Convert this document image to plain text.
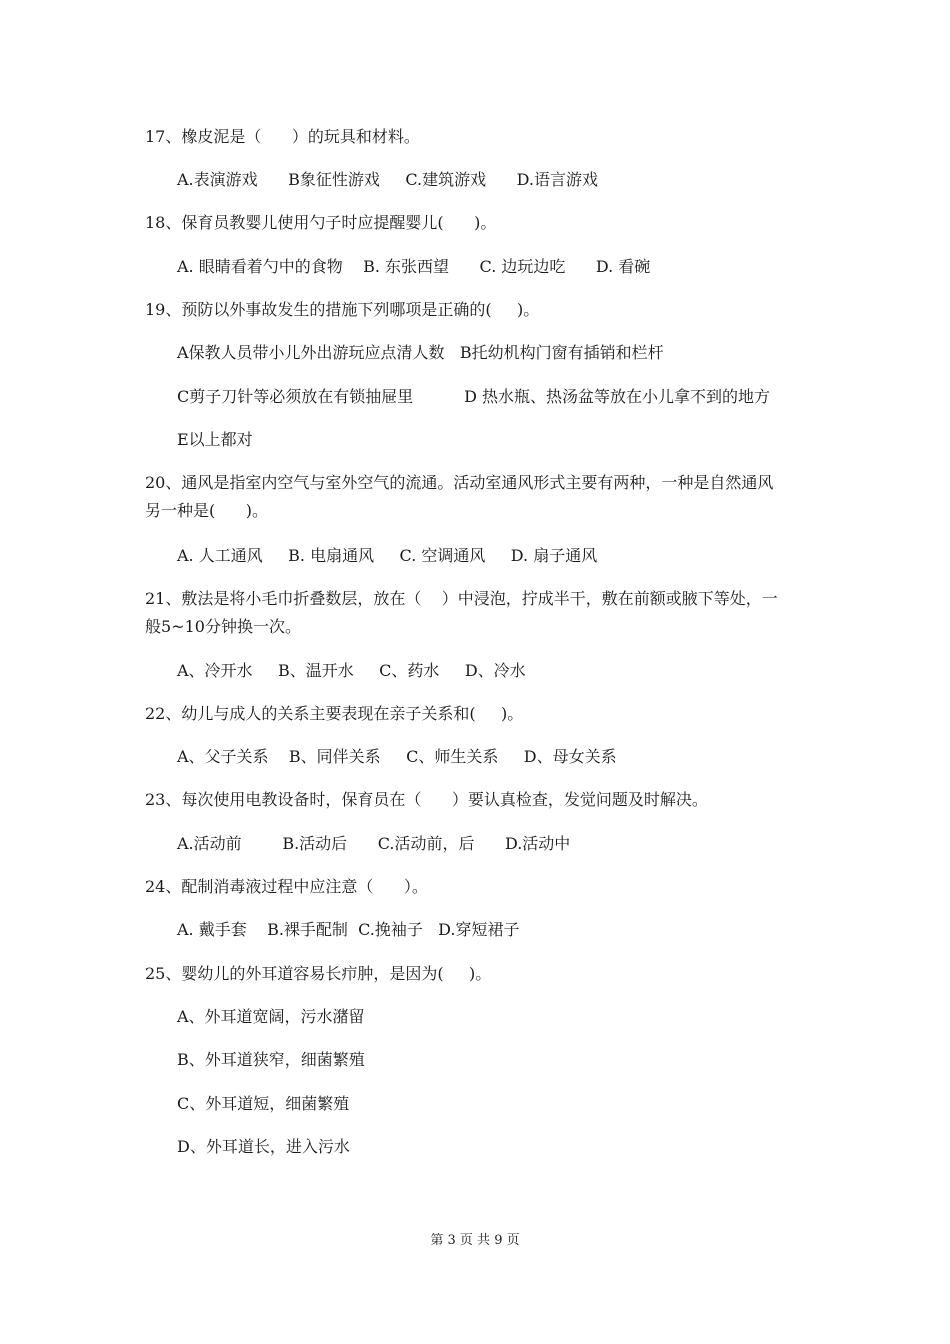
17、橡皮泥是（      ）的玩具和材料。
A.表演游戏      B象征性游戏     C.建筑游戏      D.语言游戏
18、保育员教婴儿使用勺子时应提醒婴儿(      )。
A. 眼睛看着勺中的食物    B. 东张西望      C. 边玩边吃      D. 看碗
19、预防以外事故发生的措施下列哪项是正确的(     )。
A保教人员带小儿外出游玩应点清人数   B托幼机构门窗有插销和栏杆
C剪子刀针等必须放在有锁抽屉里          D 热水瓶、热汤盆等放在小儿拿不到的地方
E以上都对
20、通风是指室内空气与室外空气的流通。活动室通风形式主要有两种，一种是自然通风
另一种是(      )。
A. 人工通风     B. 电扇通风     C. 空调通风     D. 扇子通风
21、敷法是将小毛巾折叠数层，放在（    ）中浸泡，拧成半干，敷在前额或腋下等处，一
般5~10分钟换一次。
A、冷开水     B、温开水     C、药水     D、冷水
22、幼儿与成人的关系主要表现在亲子关系和(     )。
A、父子关系    B、同伴关系     C、师生关系     D、母女关系
23、每次使用电教设备时，保育员在（      ）要认真检查，发觉问题及时解决。
A.活动前        B.活动后      C.活动前，后      D.活动中
24、配制消毒液过程中应注意（      ）。
A. 戴手套    B.裸手配制  C.挽袖子   D.穿短裙子
25、婴幼儿的外耳道容易长疖肿，是因为(     )。
A、外耳道宽阔，污水潴留
B、外耳道狭窄，细菌繁殖
C、外耳道短，细菌繁殖
D、外耳道长，进入污水
第 3 页 共 9 页
